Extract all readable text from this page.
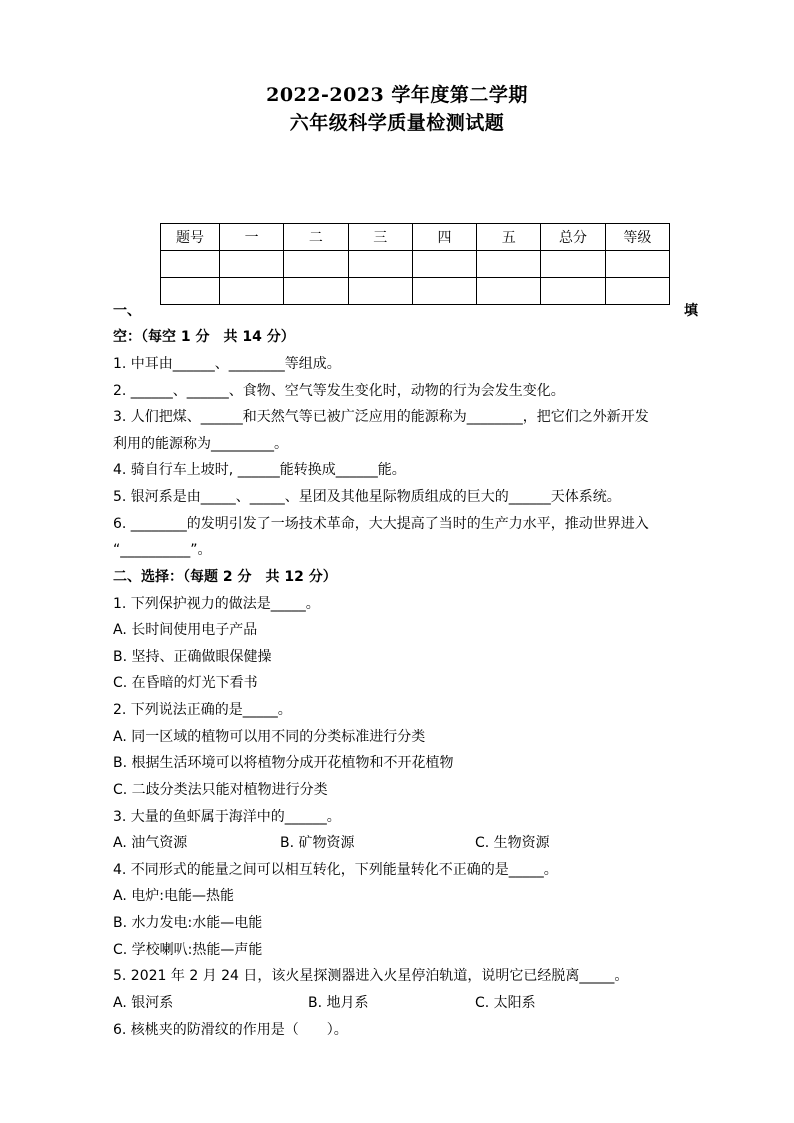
2022-2023 学年度第二学期
六年级科学质量检测试题
题号	一	二	三	四	五	总分	等级

一、	填
空：（每空 1 分　共 14 分）
1. 中耳由______、________等组成。
2. ______、______、食物、空气等发生变化时，动物的行为会发生变化。
3. 人们把煤、______和天然气等已被广泛应用的能源称为________，把它们之外新开发
利用的能源称为_________。
4. 骑自行车上坡时, ______能转换成______能。
5. 银河系是由_____、_____、星团及其他星际物质组成的巨大的______天体系统。
6. ________的发明引发了一场技术革命，大大提高了当时的生产力水平，推动世界进入
“__________”。
二、选择：（每题 2 分　共 12 分）
1. 下列保护视力的做法是_____。
A. 长时间使用电子产品
B. 坚持、正确做眼保健操
C. 在昏暗的灯光下看书
2. 下列说法正确的是_____。
A. 同一区域的植物可以用不同的分类标准进行分类
B. 根据生活环境可以将植物分成开花植物和不开花植物
C. 二歧分类法只能对植物进行分类
3. 大量的鱼虾属于海洋中的______。
A. 油气资源	B. 矿物资源	C. 生物资源
4. 不同形式的能量之间可以相互转化，下列能量转化不正确的是_____。
A. 电炉:电能—热能
B. 水力发电:水能—电能
C. 学校喇叭:热能—声能
5. 2021 年 2 月 24 日，该火星探测器进入火星停泊轨道，说明它已经脱离_____。
A. 银河系	B. 地月系	C. 太阳系
6. 核桃夹的防滑纹的作用是（　　）。
